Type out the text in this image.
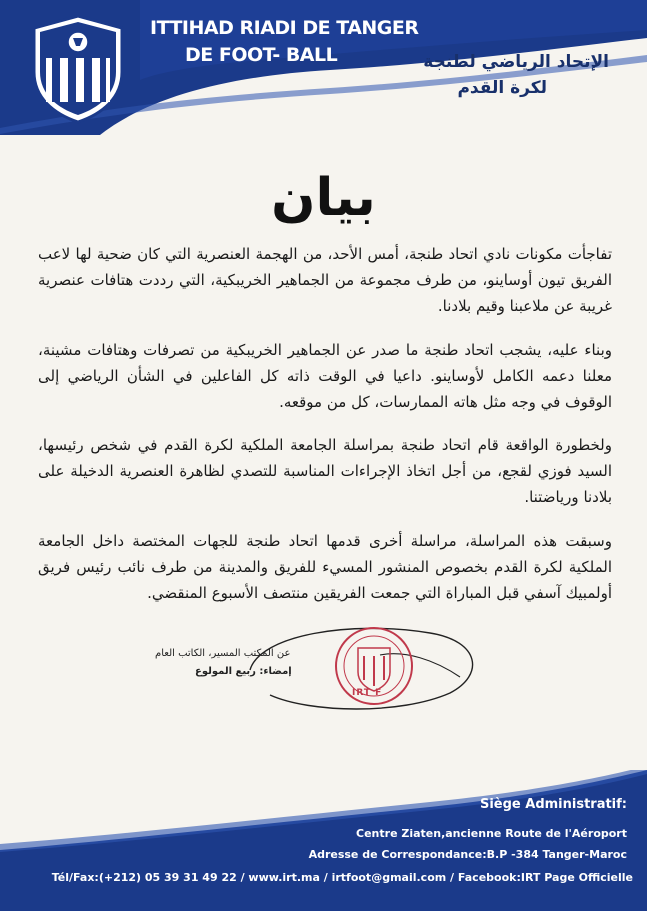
ITTIHAD RIADI DE TANGER
DE FOOT- BALL	الإتحاد الرياضي لطنجة
لكرة القدم
بيان
تفاجأت مكونات نادي اتحاد طنجة، أمس الأحد، من الهجمة العنصرية التي كان ضحية لها لاعب الفريق تيون أوساينو، من طرف مجموعة من الجماهير الخريبكية، التي رددت هتافات عنصرية غريبة عن ملاعبنا وقيم بلادنا.
وبناء عليه، يشجب اتحاد طنجة ما صدر عن الجماهير الخريبكية من تصرفات وهتافات مشينة، معلنا دعمه الكامل لأوساينو. داعيا في الوقت ذاته كل الفاعلين في الشأن الرياضي إلى الوقوف في وجه مثل هاته الممارسات، كل من موقعه.
ولخطورة الواقعة قام اتحاد طنجة بمراسلة الجامعة الملكية لكرة القدم في شخص رئيسها، السيد فوزي لقجع، من أجل اتخاذ الإجراءات المناسبة للتصدي لظاهرة العنصرية الدخيلة على بلادنا ورياضتنا.
وسبقت هذه المراسلة، مراسلة أخرى قدمها اتحاد طنجة للجهات المختصة داخل الجامعة الملكية لكرة القدم بخصوص المنشور المسيء للفريق والمدينة من طرف نائب رئيس فريق أولمبيك آسفي قبل المباراة التي جمعت الفريقين منتصف الأسبوع المنقضي.
عن المكتب المسير، الكاتب العام
إمضاء: ربيع المولوع
IRT F
Siège Administratif:
Centre Ziaten,ancienne Route de l'Aéroport
Adresse de Correspondance:B.P -384 Tanger-Maroc
Tél/Fax:(+212) 05 39 31 49 22 / www.irt.ma / irtfoot@gmail.com / Facebook:IRT Page Officielle
